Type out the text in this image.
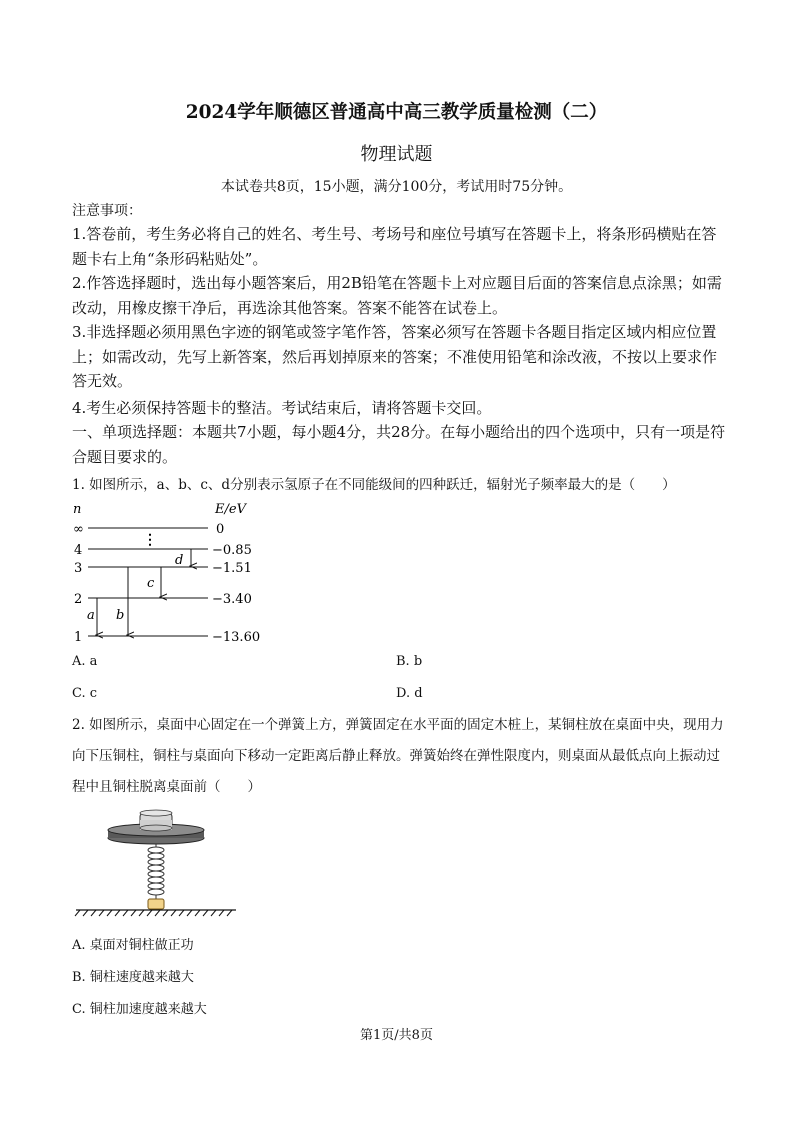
2024学年顺德区普通高中高三教学质量检测（二）
物理试题
本试卷共8页，15小题，满分100分，考试用时75分钟。
注意事项：
1.答卷前，考生务必将自己的姓名、考生号、考场号和座位号填写在答题卡上，将条形码横贴在答题卡右上角“条形码粘贴处”。
2.作答选择题时，选出每小题答案后，用2B铅笔在答题卡上对应题目后面的答案信息点涂黑；如需改动，用橡皮擦干净后，再选涂其他答案。答案不能答在试卷上。
3.非选择题必须用黑色字迹的钢笔或签字笔作答，答案必须写在答题卡各题目指定区域内相应位置上；如需改动，先写上新答案，然后再划掉原来的答案；不准使用铅笔和涂改液，不按以上要求作答无效。
4.考生必须保持答题卡的整洁。考试结束后，请将答题卡交回。
一、单项选择题：本题共7小题，每小题4分，共28分。在每小题给出的四个选项中，只有一项是符合题目要求的。
1. 如图所示，a、b、c、d分别表示氢原子在不同能级间的四种跃迁，辐射光子频率最大的是（　　）
n	E/eV
∞
4
3
2
1
0
−0.85
−1.51
−3.40
−13.60
⋮
a b
c
d
A. a	B. b
C. c	D. d
2. 如图所示，桌面中心固定在一个弹簧上方，弹簧固定在水平面的固定木桩上，某铜柱放在桌面中央，现用力向下压铜柱，铜柱与桌面向下移动一定距离后静止释放。弹簧始终在弹性限度内，则桌面从最低点向上振动过程中且铜柱脱离桌面前（　　）
A. 桌面对铜柱做正功
B. 铜柱速度越来越大
C. 铜柱加速度越来越大
第1页/共8页
